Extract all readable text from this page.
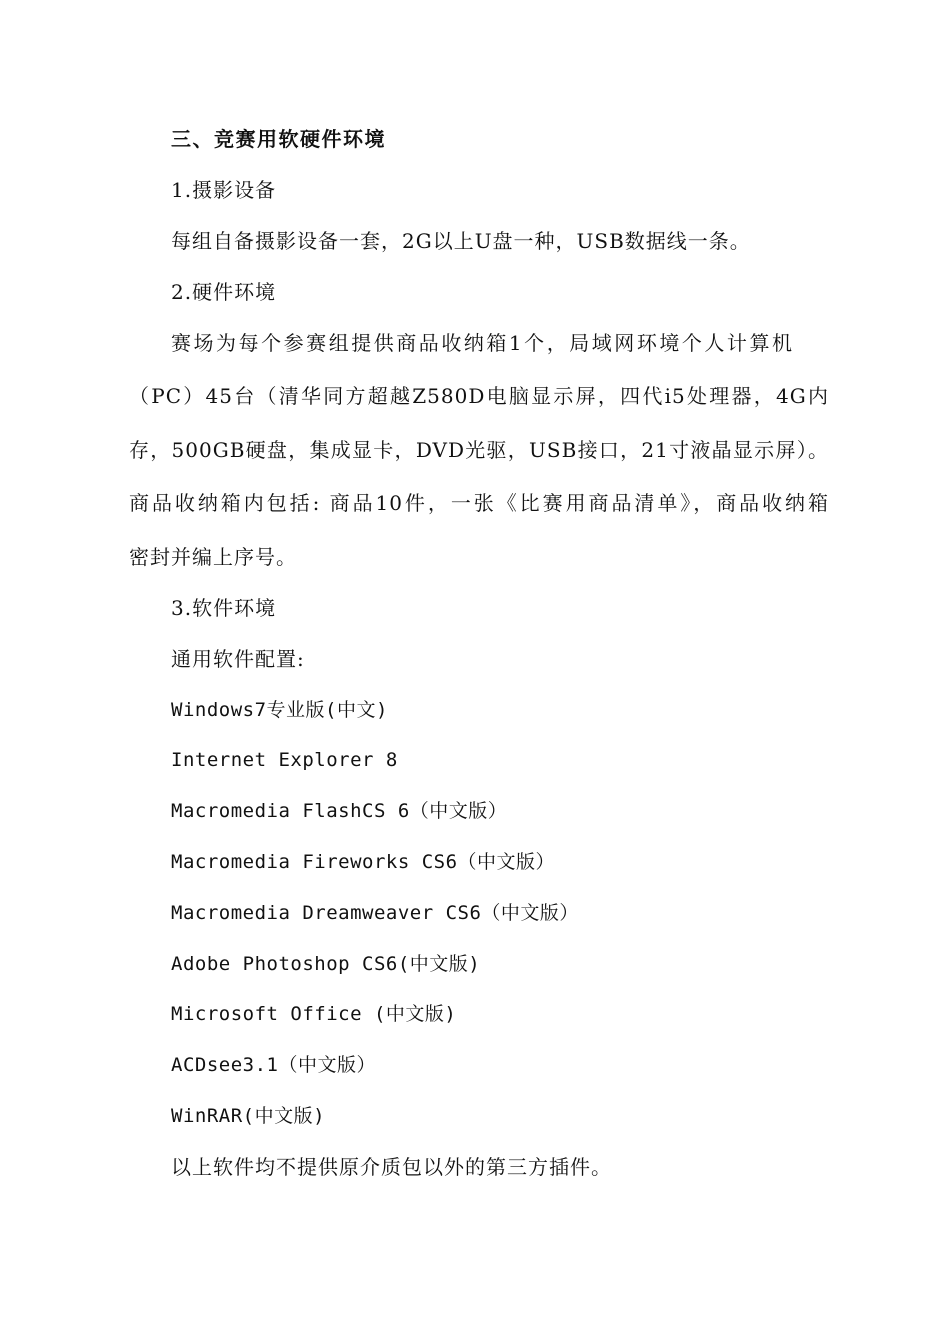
三、竞赛用软硬件环境
1.摄影设备
每组自备摄影设备一套，2G以上U盘一种，USB数据线一条。
2.硬件环境
赛场为每个参赛组提供商品收纳箱1个，局域网环境个人计算机
（PC）45台（清华同方超越Z580D电脑显示屏，四代i5处理器，4G内
存，500GB硬盘，集成显卡，DVD光驱，USB接口，21寸液晶显示屏）。
商品收纳箱内包括: 商品10件，一张《比赛用商品清单》，商品收纳箱
密封并编上序号。
3.软件环境
通用软件配置:
Windows7专业版(中文)
Internet Explorer 8
Macromedia FlashCS 6（中文版）
Macromedia Fireworks CS6（中文版）
Macromedia Dreamweaver CS6（中文版）
Adobe Photoshop CS6(中文版)
Microsoft Office (中文版)
ACDsee3.1（中文版）
WinRAR(中文版)
以上软件均不提供原介质包以外的第三方插件。
